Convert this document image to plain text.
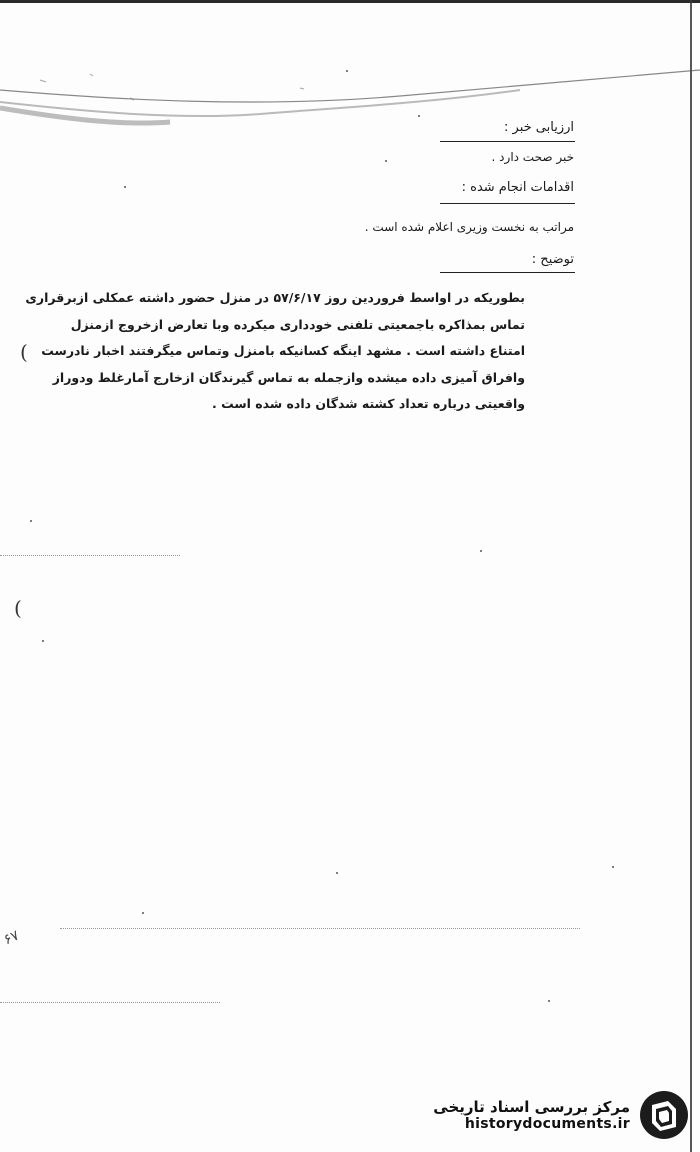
ارزیابی خبر :
خبر صحت دارد .
اقدامات انجام شده :
مراتب به نخست وزیری اعلام شده است .
توضیح :
بطوریکه در اواسط فروردین روز ۵۷/۶/۱۷ در منزل حضور داشته عمکلی ازبرقراری
تماس بمذاکره باجمعیتی تلفنی خودداری میکرده وبا تعارض ازخروج ازمنزل
امتناع داشته است . مشهد اینگه کسانیکه بامنزل وتماس میگرفتند اخبار نادرست
وافراق آمیزی داده میشده وازجمله به تماس گیرندگان ازخارج آمارغلط ودوراز
واقعیتی درباره تعداد کشته شدگان داده شده است .
(
(
۶۷
مرکز بررسی اسناد تاریخی
historydocuments.ir
